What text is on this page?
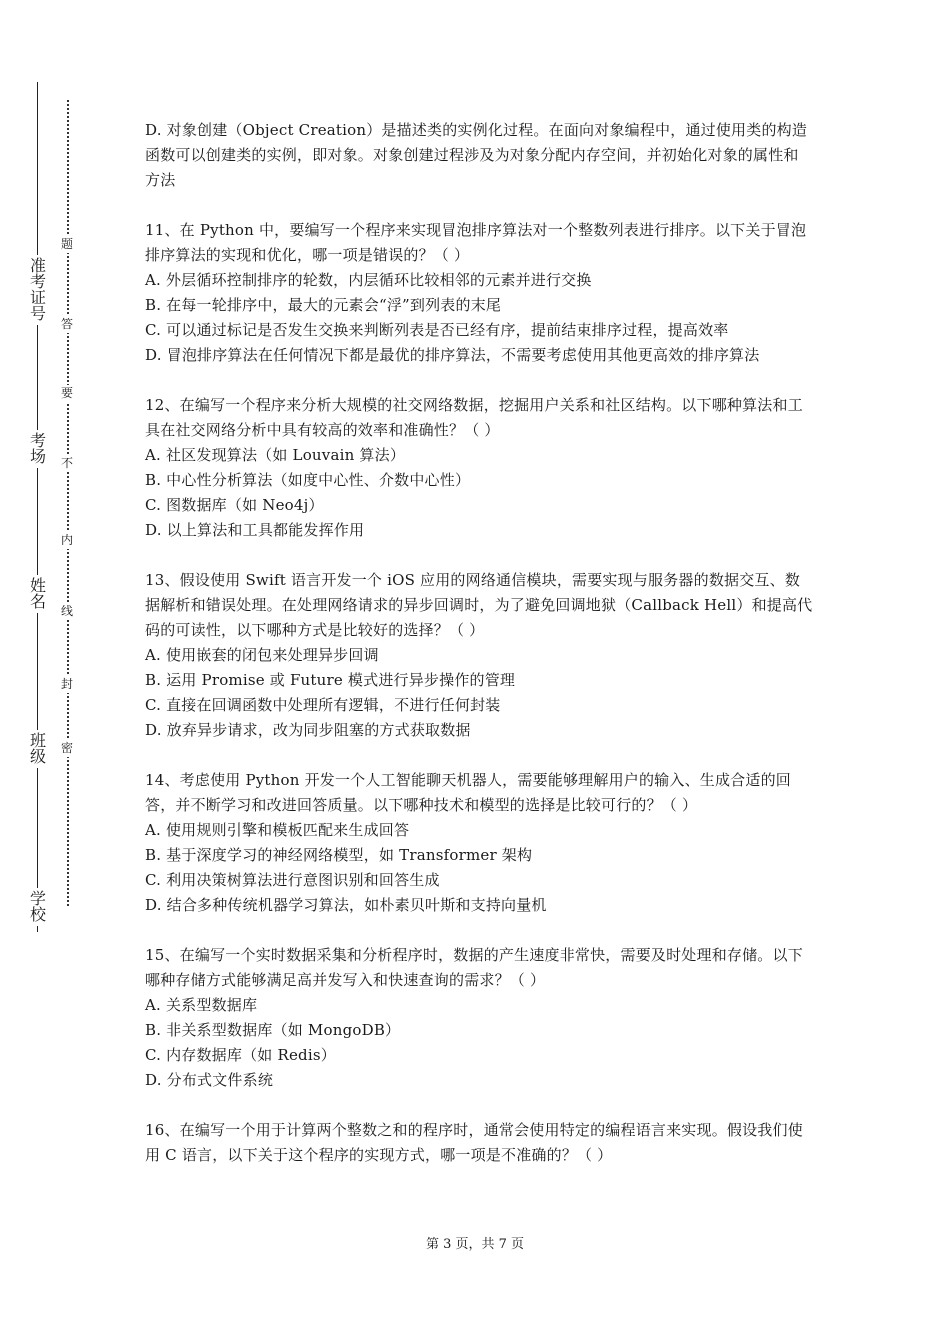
准考证号
考场
姓名
班级
学校
题
答
要
不
内
线
封
密

D. 对象创建（Object Creation）是描述类的实例化过程。在面向对象编程中，通过使用类的构造函数可以创建类的实例，即对象。对象创建过程涉及为对象分配内存空间，并初始化对象的属性和方法

11、在 Python 中，要编写一个程序来实现冒泡排序算法对一个整数列表进行排序。以下关于冒泡排序算法的实现和优化，哪一项是错误的？（ ）

A. 外层循环控制排序的轮数，内层循环比较相邻的元素并进行交换

B. 在每一轮排序中，最大的元素会“浮”到列表的末尾

C. 可以通过标记是否发生交换来判断列表是否已经有序，提前结束排序过程，提高效率

D. 冒泡排序算法在任何情况下都是最优的排序算法，不需要考虑使用其他更高效的排序算法

12、在编写一个程序来分析大规模的社交网络数据，挖掘用户关系和社区结构。以下哪种算法和工具在社交网络分析中具有较高的效率和准确性？（ ）

A. 社区发现算法（如 Louvain 算法）

B. 中心性分析算法（如度中心性、介数中心性）

C. 图数据库（如 Neo4j）

D. 以上算法和工具都能发挥作用

13、假设使用 Swift 语言开发一个 iOS 应用的网络通信模块，需要实现与服务器的数据交互、数据解析和错误处理。在处理网络请求的异步回调时，为了避免回调地狱（Callback Hell）和提高代码的可读性，以下哪种方式是比较好的选择？（ ）

A. 使用嵌套的闭包来处理异步回调

B. 运用 Promise 或 Future 模式进行异步操作的管理

C. 直接在回调函数中处理所有逻辑，不进行任何封装

D. 放弃异步请求，改为同步阻塞的方式获取数据

14、考虑使用 Python 开发一个人工智能聊天机器人，需要能够理解用户的输入、生成合适的回答，并不断学习和改进回答质量。以下哪种技术和模型的选择是比较可行的？（ ）

A. 使用规则引擎和模板匹配来生成回答

B. 基于深度学习的神经网络模型，如 Transformer 架构

C. 利用决策树算法进行意图识别和回答生成

D. 结合多种传统机器学习算法，如朴素贝叶斯和支持向量机

15、在编写一个实时数据采集和分析程序时，数据的产生速度非常快，需要及时处理和存储。以下哪种存储方式能够满足高并发写入和快速查询的需求？（ ）

A. 关系型数据库

B. 非关系型数据库（如 MongoDB）

C. 内存数据库（如 Redis）

D. 分布式文件系统

16、在编写一个用于计算两个整数之和的程序时，通常会使用特定的编程语言来实现。假设我们使用 C 语言，以下关于这个程序的实现方式，哪一项是不准确的？（ ）

第 3 页，共 7 页
